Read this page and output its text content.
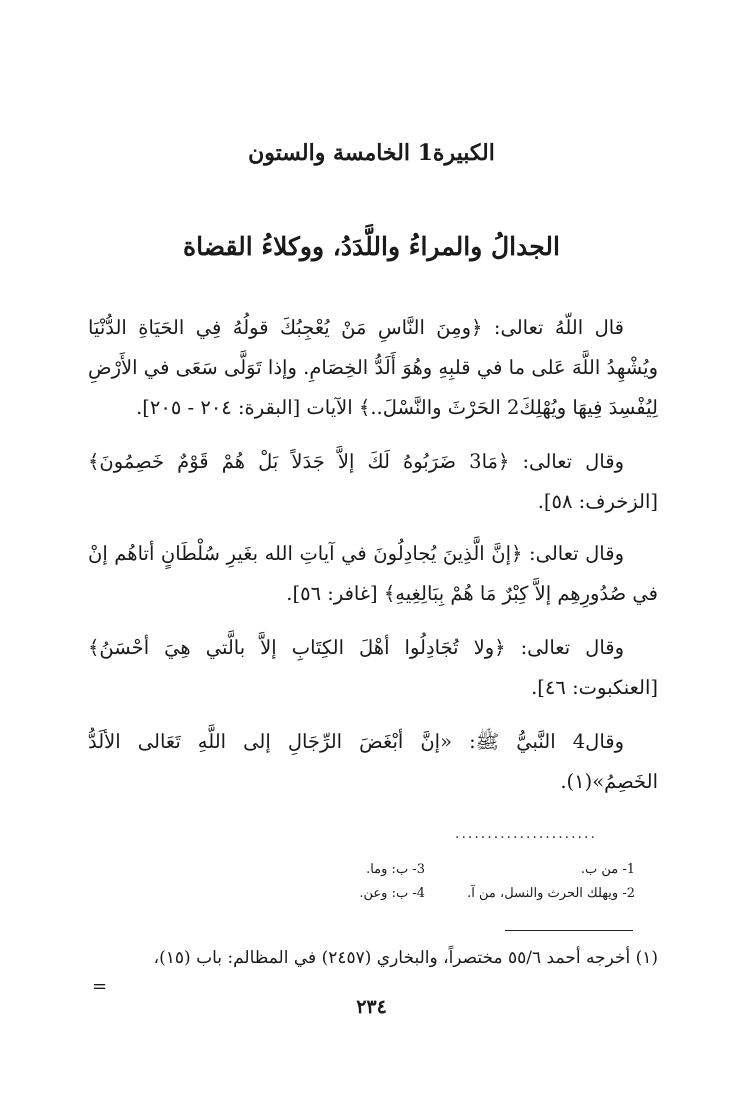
الكبيرة1 الخامسة والستون
الجدالُ والمراءُ واللَّدَدُ، ووكلاءُ القضاة

قال اللّهُ تعالى: ﴿ومِنَ النَّاسِ مَنْ يُعْجِبُكَ قولُهُ فِي الحَيَاةِ الدُّنْيَا ويُشْهِدُ اللَّهَ عَلى ما في قلبِهِ وهُوَ أَلَدُّ الخِصَامِ. وإذا تَوَلَّى سَعَى في الأَرْضِ لِيُفْسِدَ فِيهَا ويُهْلِكَ2 الحَرْثَ والنَّسْلَ..﴾ الآيات [البقرة: ٢٠٤ - ٢٠٥].

وقال تعالى: ﴿مَا3 ضَرَبُوهُ لَكَ إلاَّ جَدَلاً بَلْ هُمْ قَوْمٌ خَصِمُونَ﴾ [الزخرف: ٥٨].

وقال تعالى: ﴿إنَّ الَّذِينَ يُجادِلُونَ في آياتِ الله بغَيرِ سُلْطَانٍ أتاهُم إنْ في صُدُورِهِم إلاَّ كِبْرٌ مَا هُمْ بِبَالِغِيهِ﴾ [غافر: ٥٦].

وقال تعالى: ﴿ولا تُجَادِلُوا أهْلَ الكِتَابِ إلاَّ بالَّتي هِيَ أحْسَنُ﴾ [العنكبوت: ٤٦].

وقال4 النَّبيُّ ﷺ: «إنَّ أبْغَضَ الرِّجَالِ إلى اللَّهِ تَعَالى الألَدُّ الخَصِمُ»(١).

......................
1- من ب.
3- ب: وما.
2- ويهلك الحرث والنسل، من آ.
4- ب: وعن.
(١) أخرجه أحمد ٥٥/٦ مختصراً، والبخاري (٢٤٥٧) في المظالم: باب (١٥)،
=
٢٣٤
